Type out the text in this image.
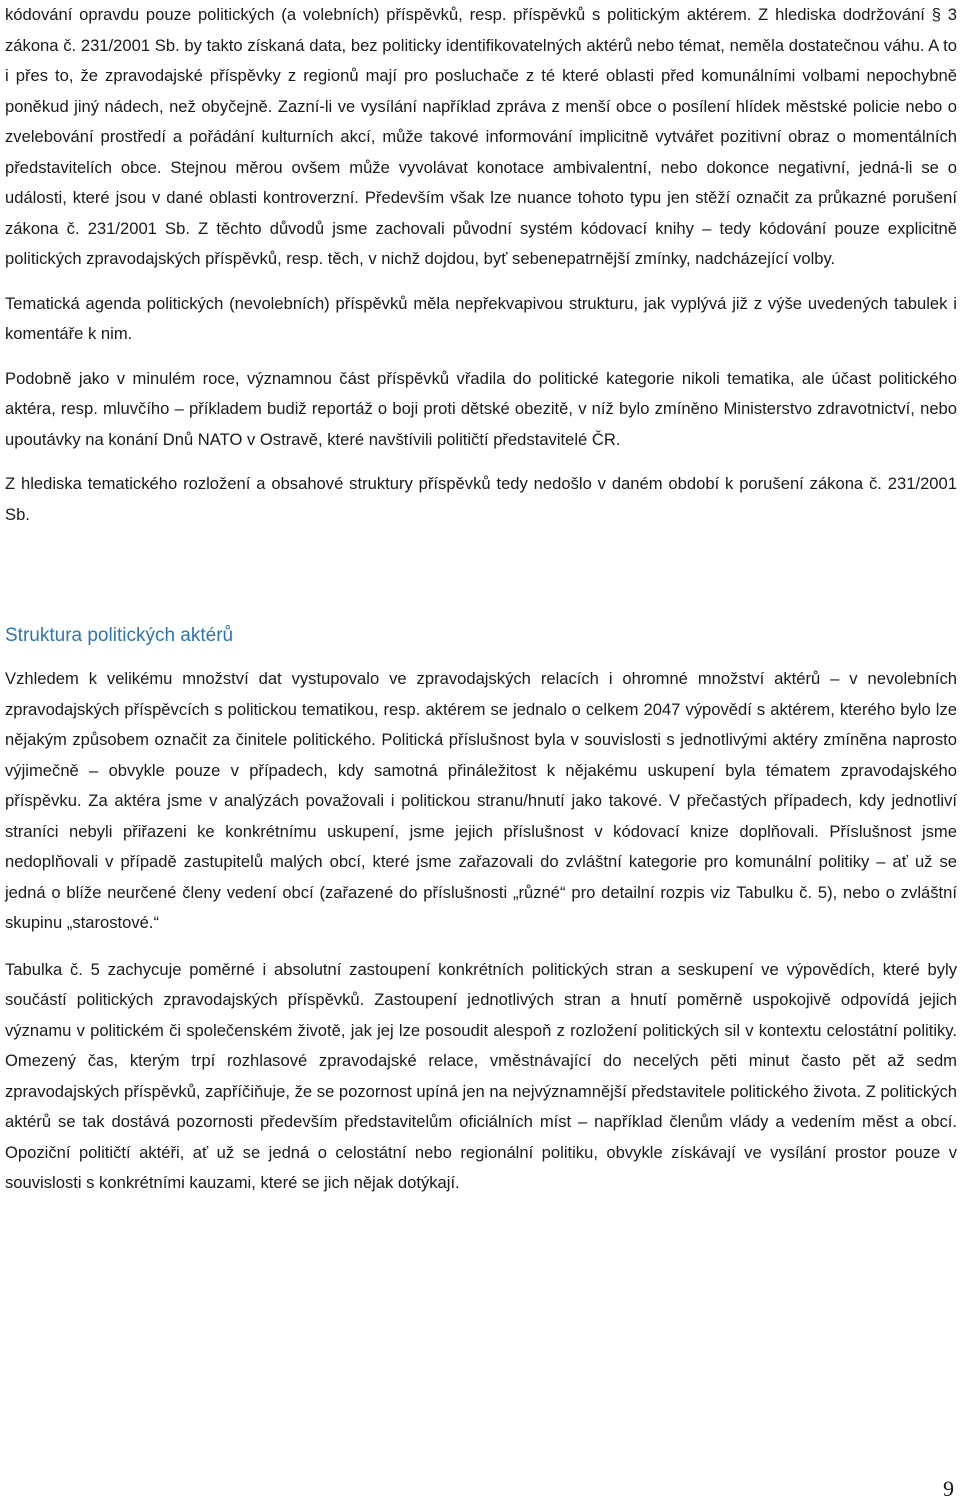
kódování opravdu pouze politických (a volebních) příspěvků, resp. příspěvků s politickým aktérem. Z hlediska dodržování § 3 zákona č. 231/2001 Sb. by takto získaná data, bez politicky identifikovatelných aktérů nebo témat, neměla dostatečnou váhu. A to i přes to, že zpravodajské příspěvky z regionů mají pro posluchače z té které oblasti před komunálními volbami nepochybně poněkud jiný nádech, než obyčejně. Zazní-li ve vysílání například zpráva z menší obce o posílení hlídek městské policie nebo o zvelebování prostředí a pořádání kulturních akcí, může takové informování implicitně vytvářet pozitivní obraz o momentálních představitelích obce. Stejnou měrou ovšem může vyvolávat konotace ambivalentní, nebo dokonce negativní, jedná-li se o události, které jsou v dané oblasti kontroverzní. Především však lze nuance tohoto typu jen stěží označit za průkazné porušení zákona č. 231/2001 Sb. Z těchto důvodů jsme zachovali původní systém kódovací knihy – tedy kódování pouze explicitně politických zpravodajských příspěvků, resp. těch, v nichž dojdou, byť sebenepatrnější zmínky, nadcházející volby.

Tematická agenda politických (nevolebních) příspěvků měla nepřekvapivou strukturu, jak vyplývá již z výše uvedených tabulek i komentáře k nim.

Podobně jako v minulém roce, významnou část příspěvků vřadila do politické kategorie nikoli tematika, ale účast politického aktéra, resp. mluvčího – příkladem budiž reportáž o boji proti dětské obezitě, v níž bylo zmíněno Ministerstvo zdravotnictví, nebo upoutávky na konání Dnů NATO v Ostravě, které navštívili političtí představitelé ČR.

Z hlediska tematického rozložení a obsahové struktury příspěvků tedy nedošlo v daném období k porušení zákona č. 231/2001 Sb.

Struktura politických aktérů

Vzhledem k velikému množství dat vystupovalo ve zpravodajských relacích i ohromné množství aktérů – v nevolebních zpravodajských příspěvcích s politickou tematikou, resp. aktérem se jednalo o celkem 2047 výpovědí s aktérem, kterého bylo lze nějakým způsobem označit za činitele politického. Politická příslušnost byla v souvislosti s jednotlivými aktéry zmíněna naprosto výjimečně – obvykle pouze v případech, kdy samotná přináležitost k nějakému uskupení byla tématem zpravodajského příspěvku. Za aktéra jsme v analýzách považovali i politickou stranu/hnutí jako takové. V přečastých případech, kdy jednotliví straníci nebyli přiřazeni ke konkrétnímu uskupení, jsme jejich příslušnost v kódovací knize doplňovali. Příslušnost jsme nedoplňovali v případě zastupitelů malých obcí, které jsme zařazovali do zvláštní kategorie pro komunální politiky – ať už se jedná o blíže neurčené členy vedení obcí (zařazené do příslušnosti „různé“ pro detailní rozpis viz Tabulku č. 5), nebo o zvláštní skupinu „starostové.“

Tabulka č. 5 zachycuje poměrné i absolutní zastoupení konkrétních politických stran a seskupení ve výpovědích, které byly součástí politických zpravodajských příspěvků. Zastoupení jednotlivých stran a hnutí poměrně uspokojivě odpovídá jejich významu v politickém či společenském životě, jak jej lze posoudit alespoň z rozložení politických sil v kontextu celostátní politiky. Omezený čas, kterým trpí rozhlasové zpravodajské relace, vměstnávající do necelých pěti minut často pět až sedm zpravodajských příspěvků, zapříčiňuje, že se pozornost upíná jen na nejvýznamnější představitele politického života. Z politických aktérů se tak dostává pozornosti především představitelům oficiálních míst – například členům vlády a vedením měst a obcí. Opoziční političtí aktéři, ať už se jedná o celostátní nebo regionální politiku, obvykle získávají ve vysílání prostor pouze v souvislosti s konkrétními kauzami, které se jich nějak dotýkají.

9
